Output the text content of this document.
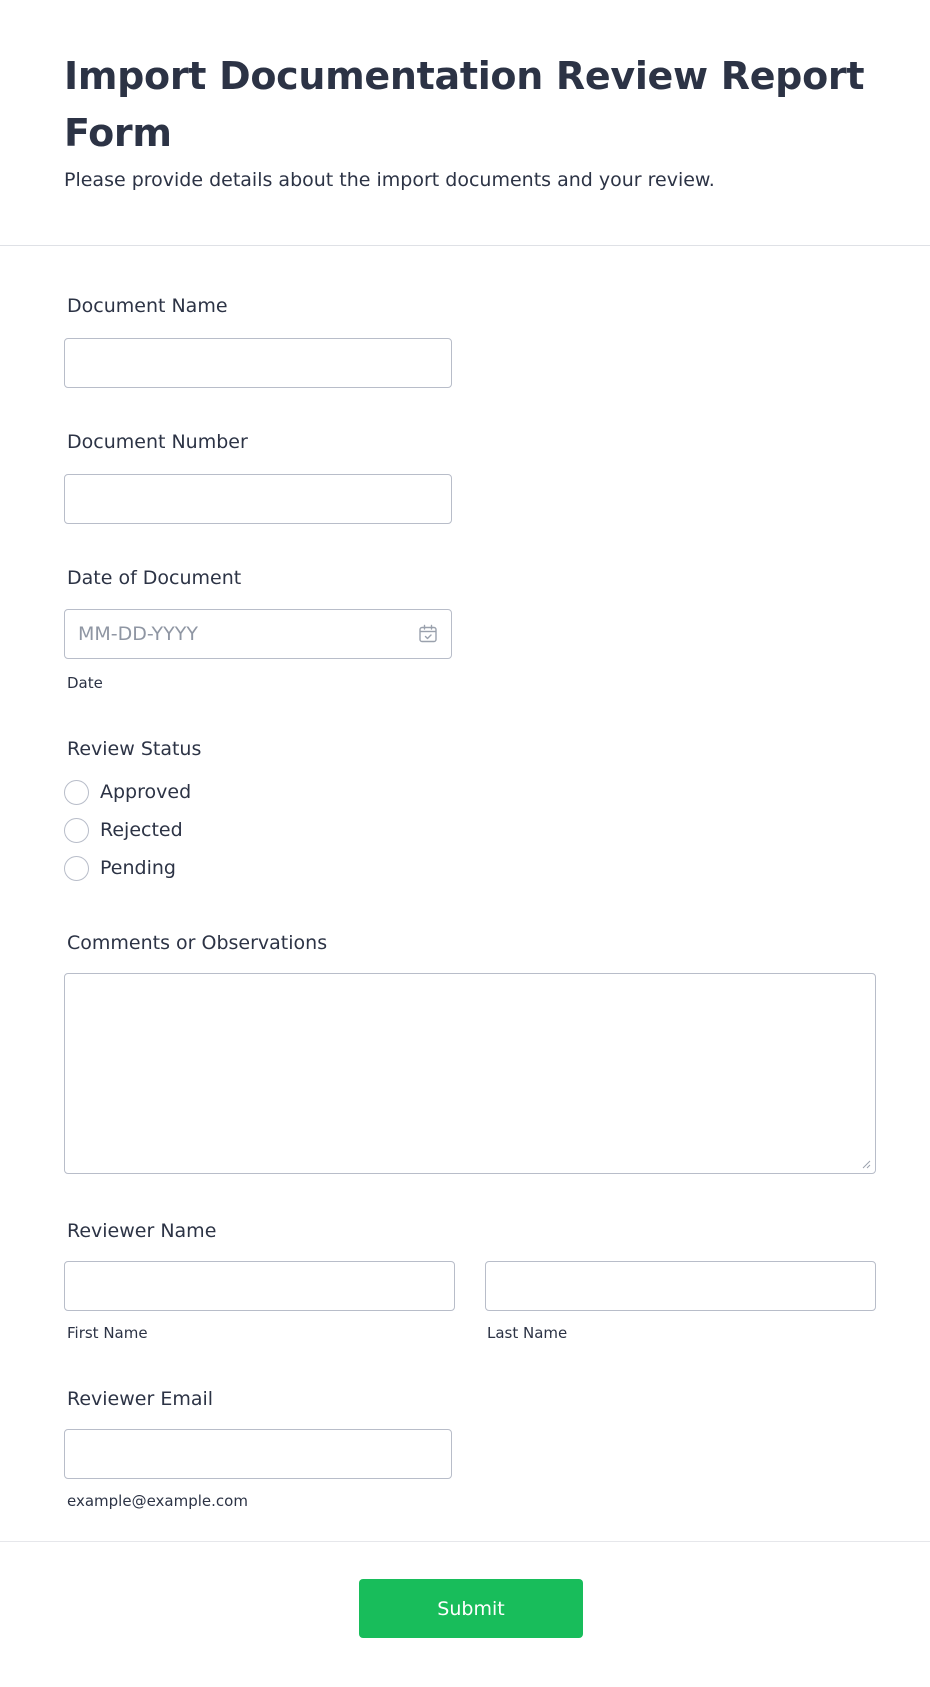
Import Documentation Review Report Form

Please provide details about the import documents and your review.

Document Name
Document Number
Date of Document
MM-DD-YYYY
Date
Review Status
Approved
Rejected
Pending
Comments or Observations
Reviewer Name
First Name	Last Name
Reviewer Email
example@example.com
Submit
